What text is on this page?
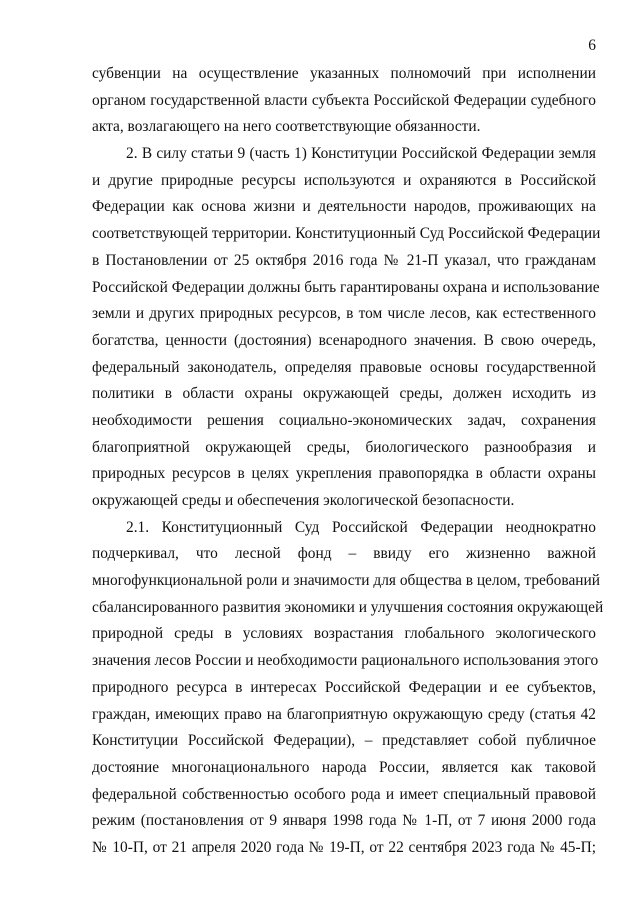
6
субвенции на осуществление указанных полномочий при исполнении
органом государственной власти субъекта Российской Федерации судебного
акта, возлагающего на него соответствующие обязанности.
2. В силу статьи 9 (часть 1) Конституции Российской Федерации земля
и другие природные ресурсы используются и охраняются в Российской
Федерации как основа жизни и деятельности народов, проживающих на
соответствующей территории. Конституционный Суд Российской Федерации
в Постановлении от 25 октября 2016 года № 21-П указал, что гражданам
Российской Федерации должны быть гарантированы охрана и использование
земли и других природных ресурсов, в том числе лесов, как естественного
богатства, ценности (достояния) всенародного значения. В свою очередь,
федеральный законодатель, определяя правовые основы государственной
политики в области охраны окружающей среды, должен исходить из
необходимости решения социально-экономических задач, сохранения
благоприятной окружающей среды, биологического разнообразия и
природных ресурсов в целях укрепления правопорядка в области охраны
окружающей среды и обеспечения экологической безопасности.
2.1. Конституционный Суд Российской Федерации неоднократно
подчеркивал, что лесной фонд – ввиду его жизненно важной
многофункциональной роли и значимости для общества в целом, требований
сбалансированного развития экономики и улучшения состояния окружающей
природной среды в условиях возрастания глобального экологического
значения лесов России и необходимости рационального использования этого
природного ресурса в интересах Российской Федерации и ее субъектов,
граждан, имеющих право на благоприятную окружающую среду (статья 42
Конституции Российской Федерации), – представляет собой публичное
достояние многонационального народа России, является как таковой
федеральной собственностью особого рода и имеет специальный правовой
режим (постановления от 9 января 1998 года № 1-П, от 7 июня 2000 года
№ 10-П, от 21 апреля 2020 года № 19-П, от 22 сентября 2023 года № 45-П;
